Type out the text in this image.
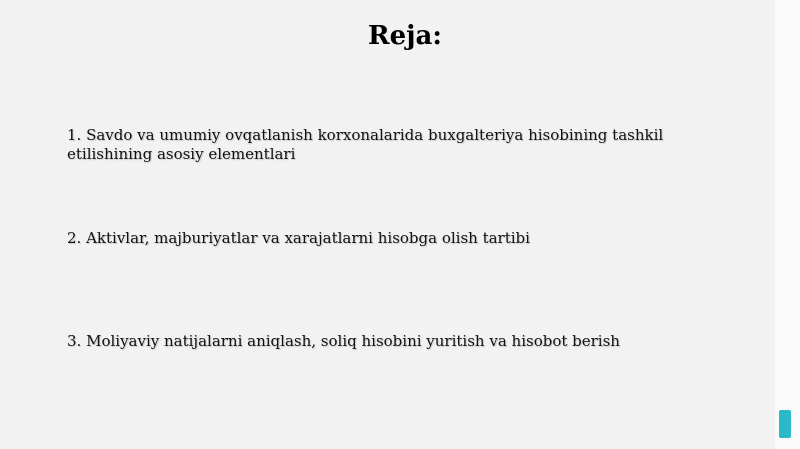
Reja:
1. Savdo va umumiy ovqatlanish korxonalarida buxgalteriya hisobining tashkil etilishining asosiy elementlari
2. Aktivlar, majburiyatlar va xarajatlarni hisobga olish tartibi
3. Moliyaviy natijalarni aniqlash, soliq hisobini yuritish va hisobot berish
